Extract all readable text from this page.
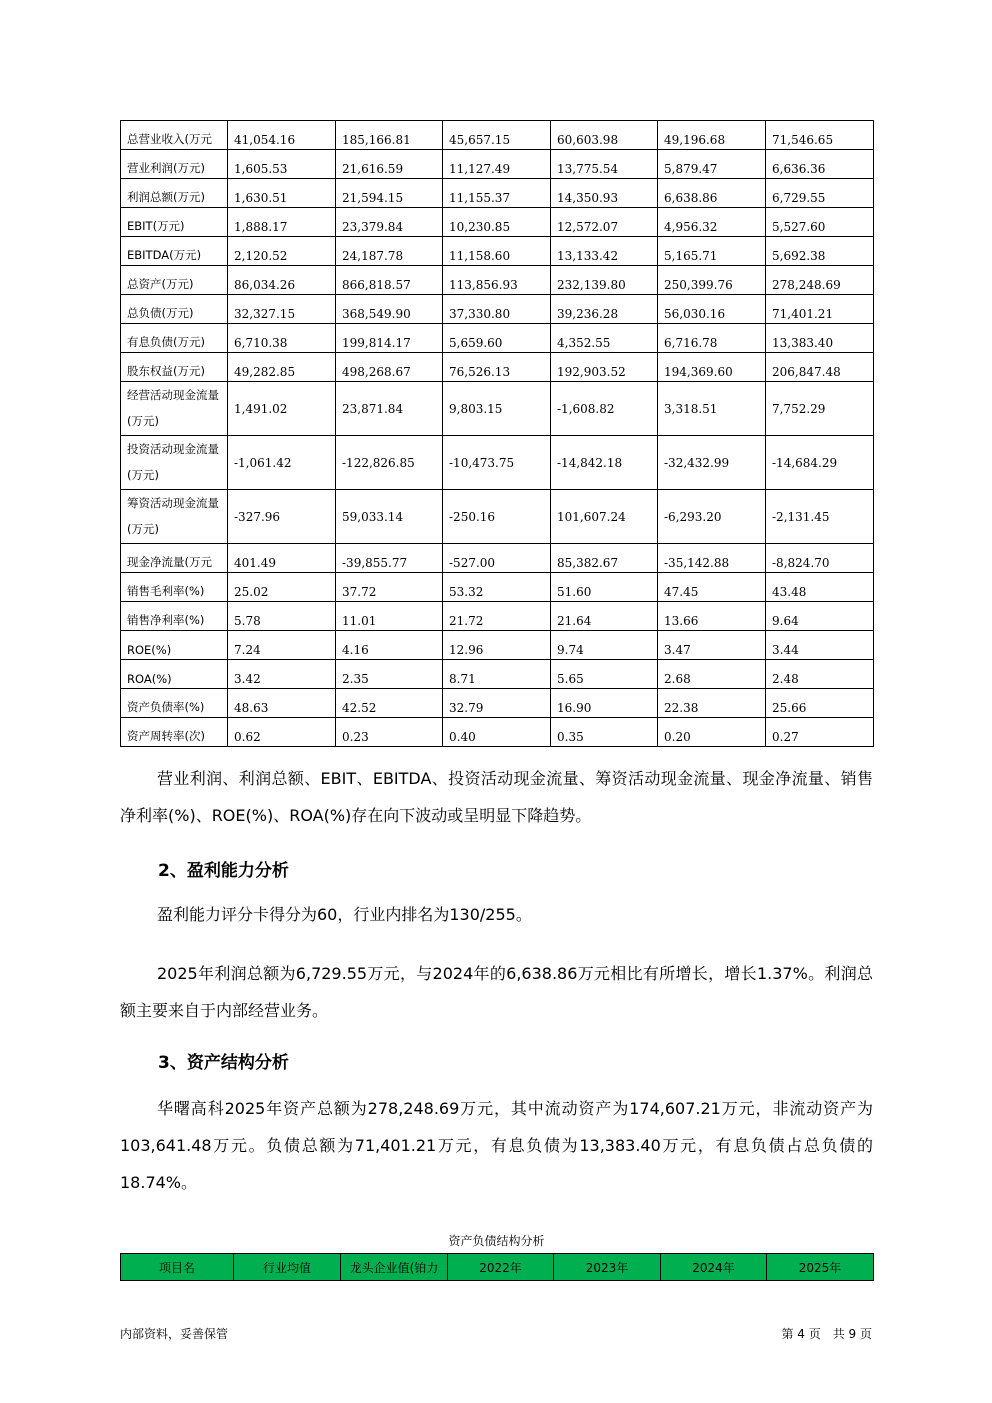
总营业收入(万元	41,054.16	185,166.81	45,657.15	60,603.98	49,196.68	71,546.65
营业利润(万元)	1,605.53	21,616.59	11,127.49	13,775.54	5,879.47	6,636.36
利润总额(万元)	1,630.51	21,594.15	11,155.37	14,350.93	6,638.86	6,729.55
EBIT(万元)	1,888.17	23,379.84	10,230.85	12,572.07	4,956.32	5,527.60
EBITDA(万元)	2,120.52	24,187.78	11,158.60	13,133.42	5,165.71	5,692.38
总资产(万元)	86,034.26	866,818.57	113,856.93	232,139.80	250,399.76	278,248.69
总负债(万元)	32,327.15	368,549.90	37,330.80	39,236.28	56,030.16	71,401.21
有息负债(万元)	6,710.38	199,814.17	5,659.60	4,352.55	6,716.78	13,383.40
股东权益(万元)	49,282.85	498,268.67	76,526.13	192,903.52	194,369.60	206,847.48
经营活动现金流量(万元)	1,491.02	23,871.84	9,803.15	-1,608.82	3,318.51	7,752.29
投资活动现金流量(万元)	-1,061.42	-122,826.85	-10,473.75	-14,842.18	-32,432.99	-14,684.29
筹资活动现金流量(万元)	-327.96	59,033.14	-250.16	101,607.24	-6,293.20	-2,131.45
现金净流量(万元	401.49	-39,855.77	-527.00	85,382.67	-35,142.88	-8,824.70
销售毛利率(%)	25.02	37.72	53.32	51.60	47.45	43.48
销售净利率(%)	5.78	11.01	21.72	21.64	13.66	9.64
ROE(%)	7.24	4.16	12.96	9.74	3.47	3.44
ROA(%)	3.42	2.35	8.71	5.65	2.68	2.48
资产负债率(%)	48.63	42.52	32.79	16.90	22.38	25.66
资产周转率(次)	0.62	0.23	0.40	0.35	0.20	0.27
营业利润、利润总额、EBIT、EBITDA、投资活动现金流量、筹资活动现金流量、现金净流量、销售净利率(%)、ROE(%)、ROA(%)存在向下波动或呈明显下降趋势。
2、盈利能力分析
盈利能力评分卡得分为60，行业内排名为130/255。
2025年利润总额为6,729.55万元，与2024年的6,638.86万元相比有所增长，增长1.37%。利润总额主要来自于内部经营业务。
3、资产结构分析
华曙高科2025年资产总额为278,248.69万元，其中流动资产为174,607.21万元，非流动资产为103,641.48万元。负债总额为71,401.21万元，有息负债为13,383.40万元，有息负债占总负债的18.74%。
资产负债结构分析
项目名	行业均值	龙头企业值(铂力	2022年	2023年	2024年	2025年
内部资料，妥善保管	第 4 页　共 9 页
